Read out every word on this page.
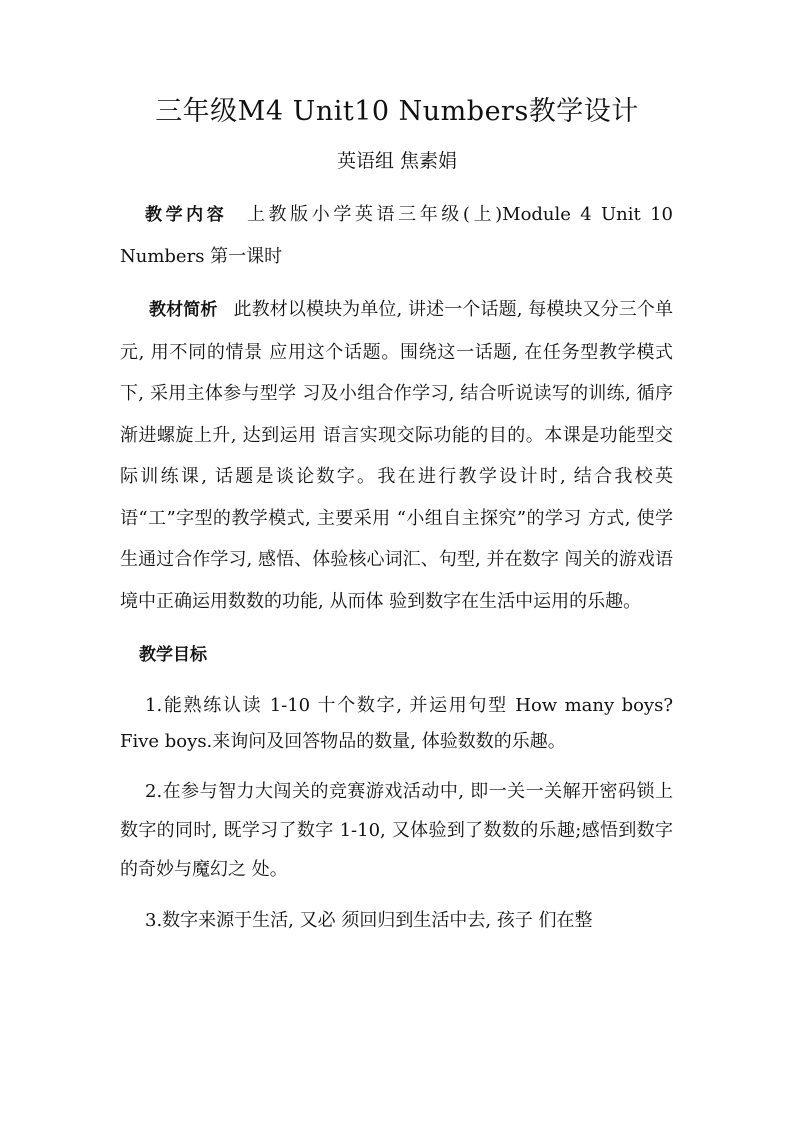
三年级M4 Unit10 Numbers教学设计
英语组 焦素娟

教学内容 上教版小学英语三年级(上)Module 4 Unit 10 Numbers 第一课时

教材简析 此教材以模块为单位, 讲述一个话题, 每模块又分三个单元, 用不同的情景 应用这个话题。围绕这一话题, 在任务型教学模式下, 采用主体参与型学 习及小组合作学习, 结合听说读写的训练, 循序渐进螺旋上升, 达到运用 语言实现交际功能的目的。本课是功能型交际训练课, 话题是谈论数字。我在进行教学设计时, 结合我校英语“工”字型的教学模式, 主要采用 “小组自主探究”的学习 方式, 使学生通过合作学习, 感悟、体验核心词汇、句型, 并在数字 闯关的游戏语境中正确运用数数的功能, 从而体 验到数字在生活中运用的乐趣。

教学目标

1.能熟练认读 1-10 十个数字, 并运用句型 How many boys? Five boys.来询问及回答物品的数量, 体验数数的乐趣。

2.在参与智力大闯关的竞赛游戏活动中, 即一关一关解开密码锁上数字的同时, 既学习了数字 1-10, 又体验到了数数的乐趣;感悟到数字的奇妙与魔幻之 处。

3.数字来源于生活, 又必 须回归到生活中去, 孩子 们在整
